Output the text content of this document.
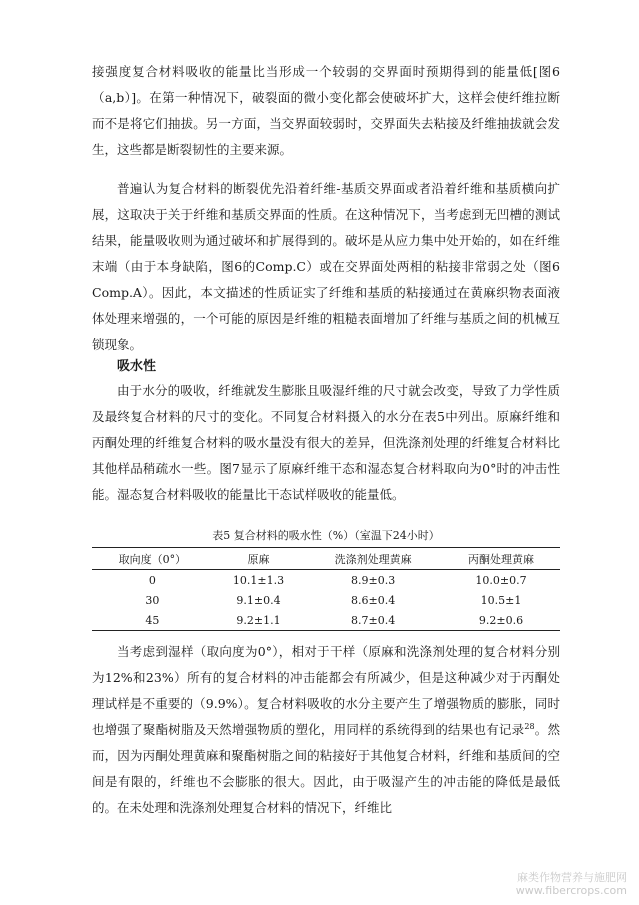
接强度复合材料吸收的能量比当形成一个较弱的交界面时预期得到的能量低[图6（a,b）]。在第一种情况下，破裂面的微小变化都会使破坏扩大，这样会使纤维拉断而不是将它们抽拔。另一方面，当交界面较弱时，交界面失去粘接及纤维抽拔就会发生，这些都是断裂韧性的主要来源。

普遍认为复合材料的断裂优先沿着纤维-基质交界面或者沿着纤维和基质横向扩展，这取决于关于纤维和基质交界面的性质。在这种情况下，当考虑到无凹槽的测试结果，能量吸收则为通过破坏和扩展得到的。破坏是从应力集中处开始的，如在纤维末端（由于本身缺陷，图6的Comp.C）或在交界面处两相的粘接非常弱之处（图6 Comp.A）。因此，本文描述的性质证实了纤维和基质的粘接通过在黄麻织物表面液体处理来增强的，一个可能的原因是纤维的粗糙表面增加了纤维与基质之间的机械互锁现象。

吸水性

由于水分的吸收，纤维就发生膨胀且吸湿纤维的尺寸就会改变，导致了力学性质及最终复合材料的尺寸的变化。不同复合材料摄入的水分在表5中列出。原麻纤维和丙酮处理的纤维复合材料的吸水量没有很大的差异，但洗涤剂处理的纤维复合材料比其他样品稍疏水一些。图7显示了原麻纤维干态和湿态复合材料取向为0°时的冲击性能。湿态复合材料吸收的能量比干态试样吸收的能量低。

表5 复合材料的吸水性（%）（室温下24小时）
取向度（0°）	原麻	洗涤剂处理黄麻	丙酮处理黄麻
0	10.1±1.3	8.9±0.3	10.0±0.7
30	9.1±0.4	8.6±0.4	10.5±1
45	9.2±1.1	8.7±0.4	9.2±0.6

当考虑到湿样（取向度为0°），相对于干样（原麻和洗涤剂处理的复合材料分别为12%和23%）所有的复合材料的冲击能都会有所减少，但是这种减少对于丙酮处理试样是不重要的（9.9%）。复合材料吸收的水分主要产生了增强物质的膨胀，同时也增强了聚酯树脂及天然增强物质的塑化，用同样的系统得到的结果也有记录$^{28}$。然而，因为丙酮处理黄麻和聚酯树脂之间的粘接好于其他复合材料，纤维和基质间的空间是有限的，纤维也不会膨胀的很大。因此，由于吸湿产生的冲击能的降低是最低的。在未处理和洗涤剂处理复合材料的情况下，纤维比

麻类作物营养与施肥网
www.fibercrops.com
